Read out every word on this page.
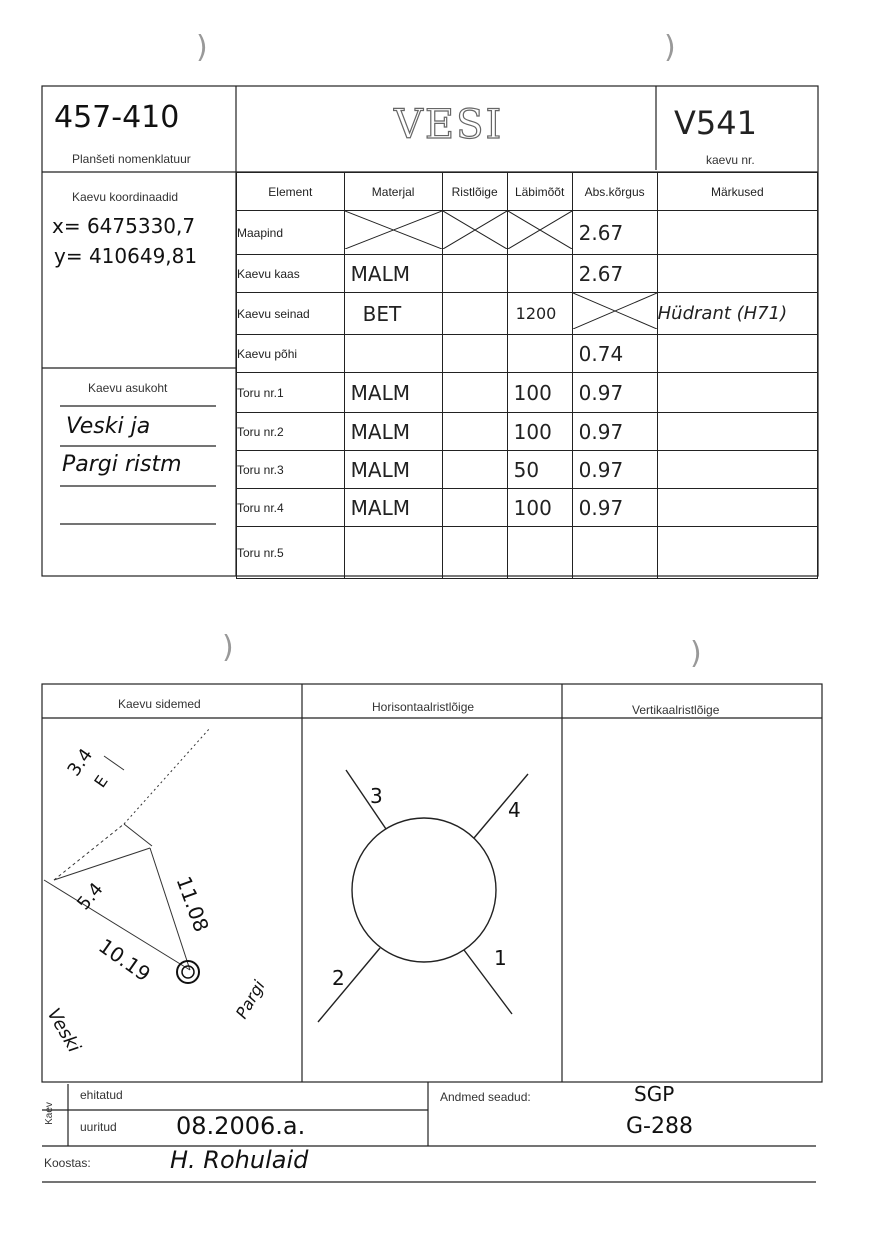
)	)
)	)
457-410
Planšeti nomenklatuur
VESI	V541
kaevu nr.
Kaevu koordinaadid
x= 6475330,7
y= 410649,81
Kaevu asukoht
Veski ja
Pargi ristm
Element	Materjal	Ristlõige	Läbimõõt	Abs.kõrgus	Märkused
Maapind				2.67	
Kaevu kaas	MALM			2.67	
Kaevu seinad	BET		1200		Hüdrant (H71)
Kaevu põhi				0.74	
Toru nr.1	MALM		100	0.97	
Toru nr.2	MALM		100	0.97	
Toru nr.3	MALM		50	0.97	
Toru nr.4	MALM		100	0.97	
Toru nr.5					
Kaevu sidemed	Horisontaalristlõige	Vertikaalristlõige
3.4
E
5.4	11.08
10.19
Veski
Pargi
3
4
2
1
Kaev
ehitatud
uuritud 08.2006.a.
Andmed seadud:	SGP
G-288
Koostas:	H. Rohulaid
